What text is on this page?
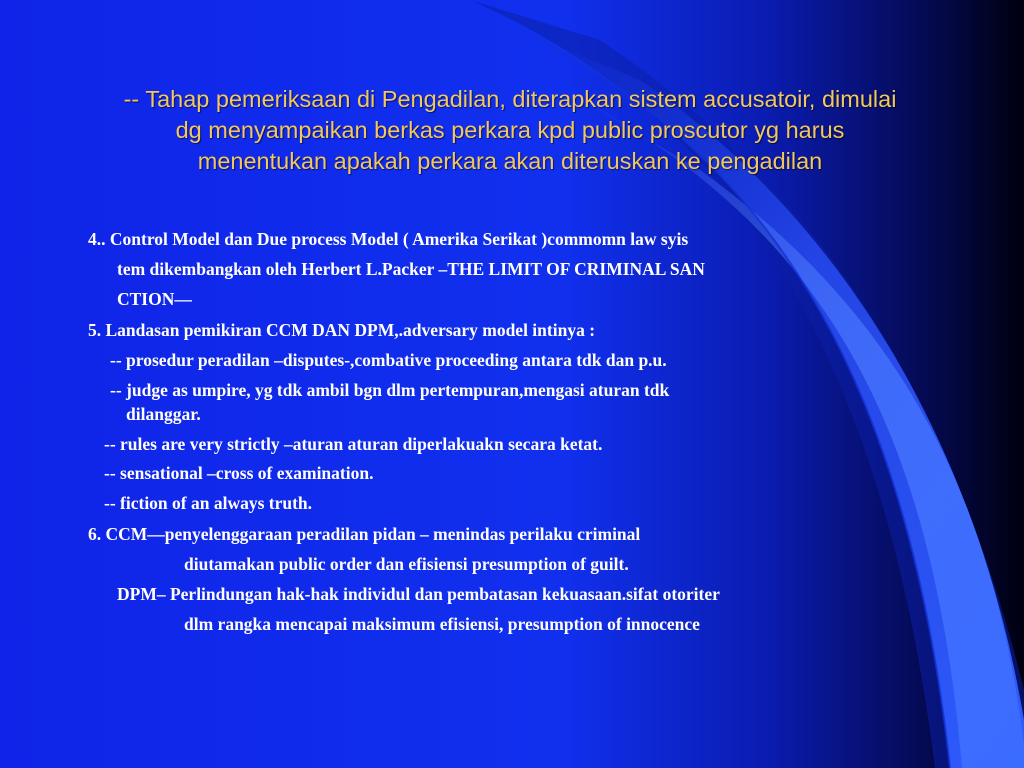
-- Tahap pemeriksaan di Pengadilan, diterapkan sistem accusatoir, dimulai
dg menyampaikan berkas perkara kpd public proscutor yg harus
menentukan apakah perkara akan diteruskan ke pengadilan
4.. Control Model dan Due process Model ( Amerika Serikat )commomn law syis
tem dikembangkan oleh Herbert L.Packer –THE LIMIT OF CRIMINAL SAN
CTION—
5. Landasan pemikiran CCM DAN DPM,.adversary model intinya :
-- prosedur peradilan –disputes-,combative proceeding antara tdk dan p.u.
-- judge as umpire, yg tdk ambil bgn dlm pertempuran,mengasi aturan tdk
dilanggar.
-- rules are very strictly –aturan aturan diperlakuakn secara ketat.
-- sensational –cross of examination.
-- fiction of an always truth.
6. CCM—penyelenggaraan peradilan pidan – menindas perilaku criminal
diutamakan public order dan efisiensi presumption of guilt.
DPM– Perlindungan hak-hak individul dan pembatasan kekuasaan.sifat otoriter
dlm rangka mencapai maksimum efisiensi, presumption of innocence
